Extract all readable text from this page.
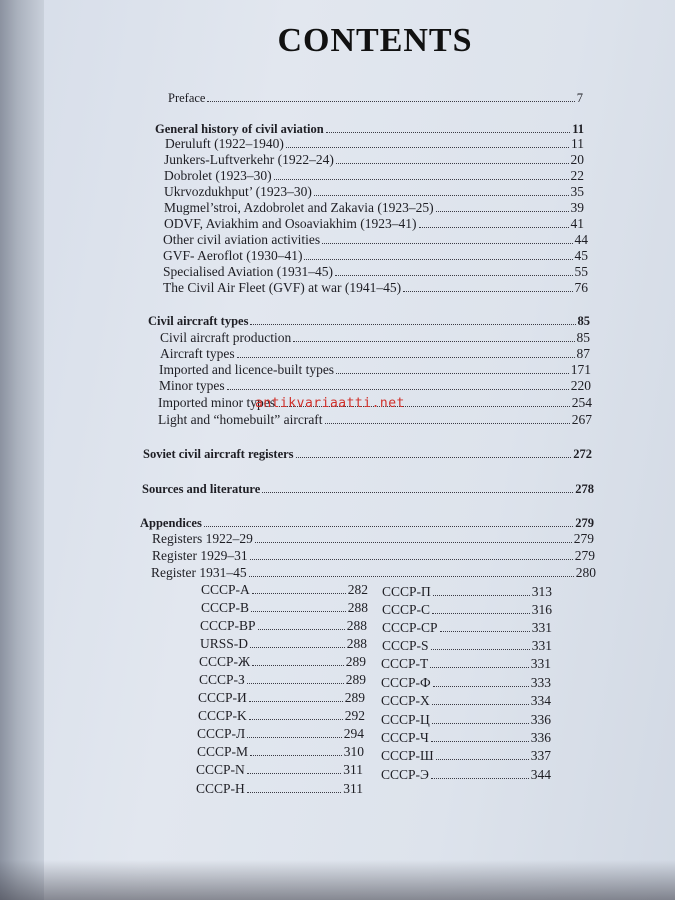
CONTENTS
Preface	7
General history of civil aviation	11
Deruluft (1922–1940)	11
Junkers-Luftverkehr (1922–24)	20
Dobrolet (1923–30)	22
Ukrvozdukhput’ (1923–30)	35
Mugmel’stroi, Azdobrolet and Zakavia (1923–25)	39
ODVF, Aviakhim and Osoaviakhim (1923–41)	41
Other civil aviation activities	44
GVF- Aeroflot (1930–41)	45
Specialised Aviation (1931–45)	55
The Civil Air Fleet (GVF) at war (1941–45)	76
Civil aircraft types	85
Civil aircraft production	85
Aircraft types	87
Imported and licence-built types	171
Minor types	220
Imported minor types	254
Light and “homebuilt” aircraft	267
Soviet civil aircraft registers	272
Sources and literature	278
Appendices	279
Registers 1922–29	279
Register 1929–31	279
Register 1931–45	280
CCCP-A	282
CCCP-B	288
CCCP-BP	288
URSS-D	288
CCCP-Ж	289
CCCP-З	289
CCCP-И	289
CCCP-K	292
CCCP-Л	294
CCCP-M	310
CCCP-N	311
CCCP-H	311
CCCP-П	313
CCCP-C	316
CCCP-CP	331
CCCP-S	331
CCCP-T	331
CCCP-Ф	333
CCCP-X	334
CCCP-Ц	336
CCCP-Ч	336
CCCP-Ш	337
CCCP-Э	344
antikvariaatti.net
